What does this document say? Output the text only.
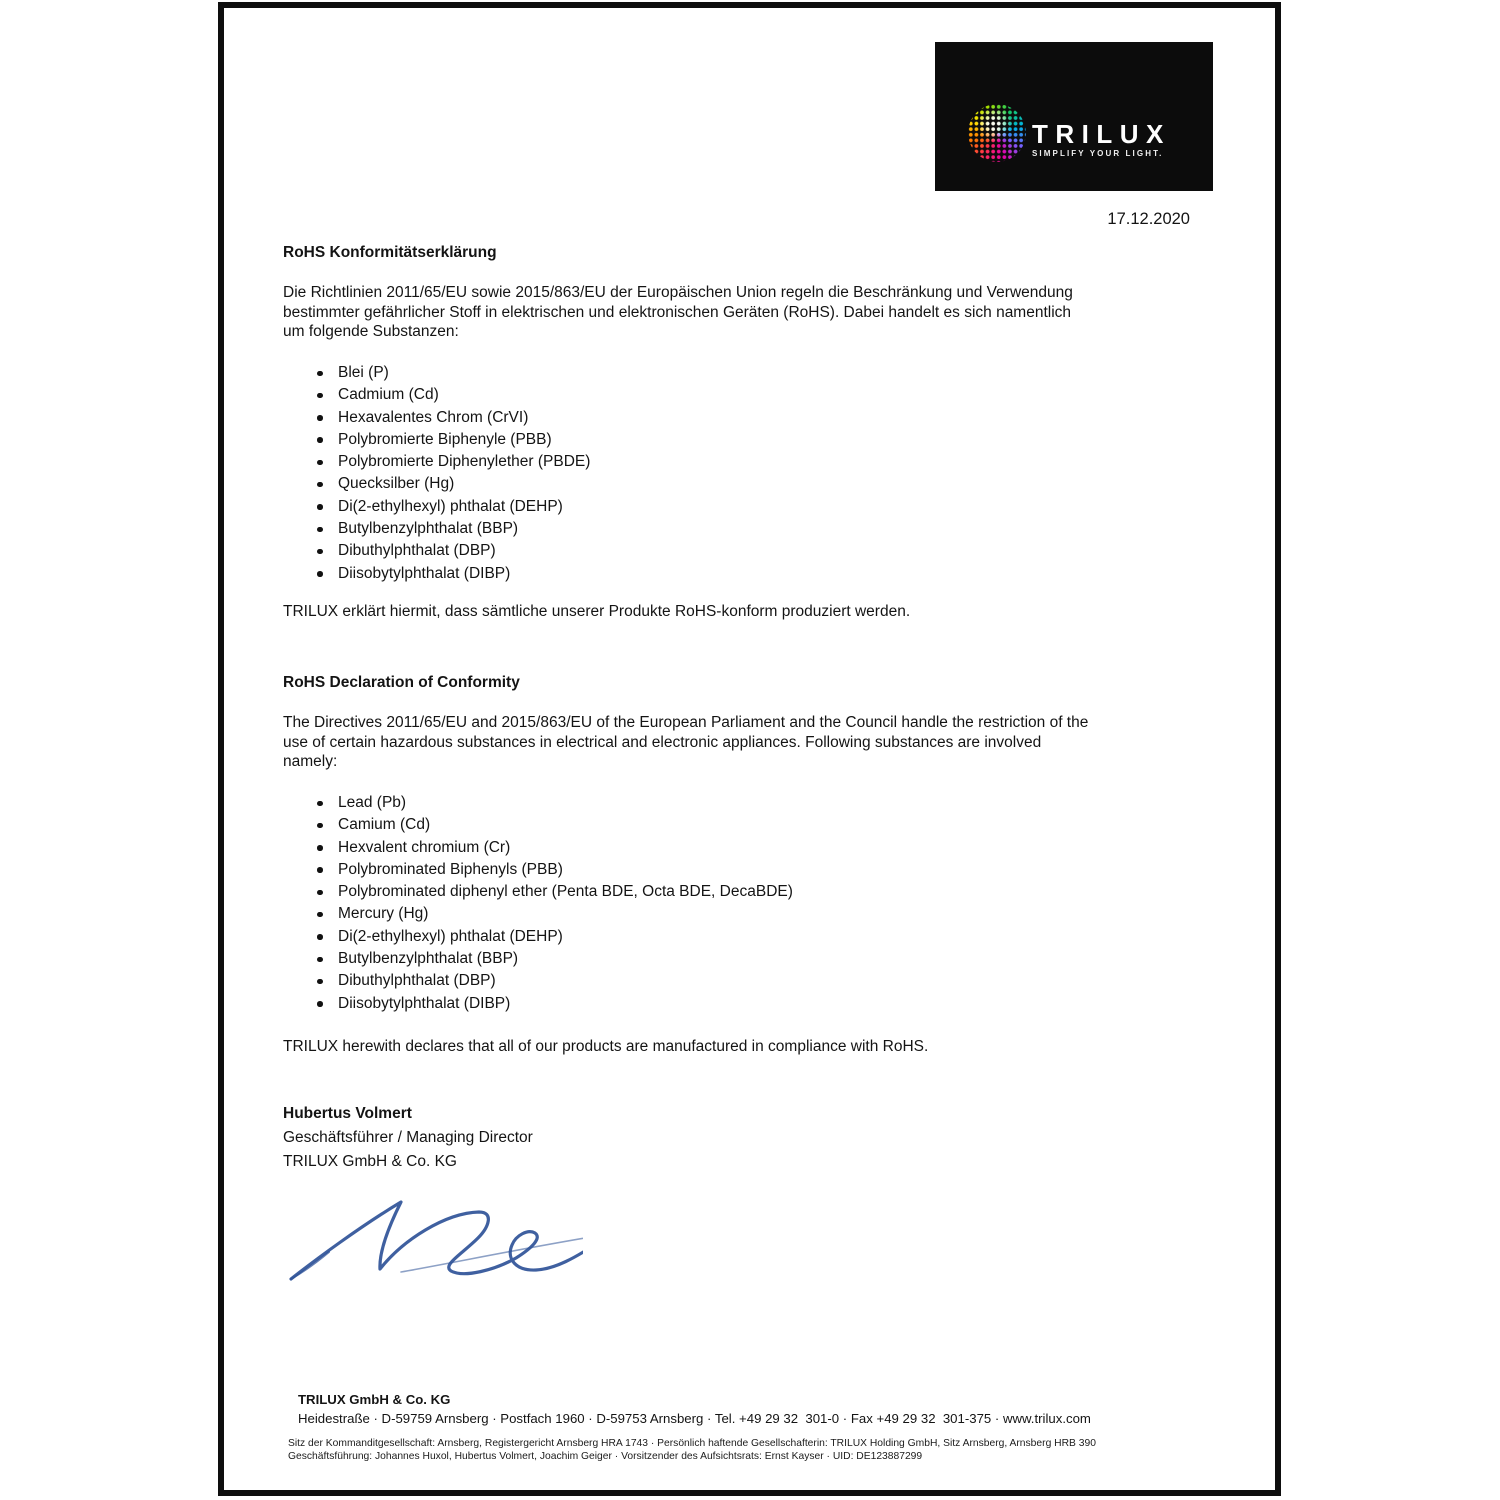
TRILUX
SIMPLIFY YOUR LIGHT.
17.12.2020
RoHS Konformitätserklärung
Die Richtlinien 2011/65/EU sowie 2015/863/EU der Europäischen Union regeln die Beschränkung und Verwendung
bestimmter gefährlicher Stoff in elektrischen und elektronischen Geräten (RoHS). Dabei handelt es sich namentlich
um folgende Substanzen:
Blei (P)
Cadmium (Cd)
Hexavalentes Chrom (CrVI)
Polybromierte Biphenyle (PBB)
Polybromierte Diphenylether (PBDE)
Quecksilber (Hg)
Di(2-ethylhexyl) phthalat (DEHP)
Butylbenzylphthalat (BBP)
Dibuthylphthalat (DBP)
Diisobytylphthalat (DIBP)
TRILUX erklärt hiermit, dass sämtliche unserer Produkte RoHS-konform produziert werden.
RoHS Declaration of Conformity
The Directives 2011/65/EU and 2015/863/EU of the European Parliament and the Council handle the restriction of the
use of certain hazardous substances in electrical and electronic appliances. Following substances are involved
namely:
Lead (Pb)
Camium (Cd)
Hexvalent chromium (Cr)
Polybrominated Biphenyls (PBB)
Polybrominated diphenyl ether (Penta BDE, Octa BDE, DecaBDE)
Mercury (Hg)
Di(2-ethylhexyl) phthalat (DEHP)
Butylbenzylphthalat (BBP)
Dibuthylphthalat (DBP)
Diisobytylphthalat (DIBP)
TRILUX herewith declares that all of our products are manufactured in compliance with RoHS.
Hubertus Volmert
Geschäftsführer / Managing Director
TRILUX GmbH & Co. KG
TRILUX GmbH & Co. KG
Heidestraße · D-59759 Arnsberg · Postfach 1960 · D-59753 Arnsberg · Tel. +49 29 32  301-0 · Fax +49 29 32  301-375 · www.trilux.com
Sitz der Kommanditgesellschaft: Arnsberg, Registergericht Arnsberg HRA 1743 · Persönlich haftende Gesellschafterin: TRILUX Holding GmbH, Sitz Arnsberg, Arnsberg HRB 390
Geschäftsführung: Johannes Huxol, Hubertus Volmert, Joachim Geiger · Vorsitzender des Aufsichtsrats: Ernst Kayser · UID: DE123887299
